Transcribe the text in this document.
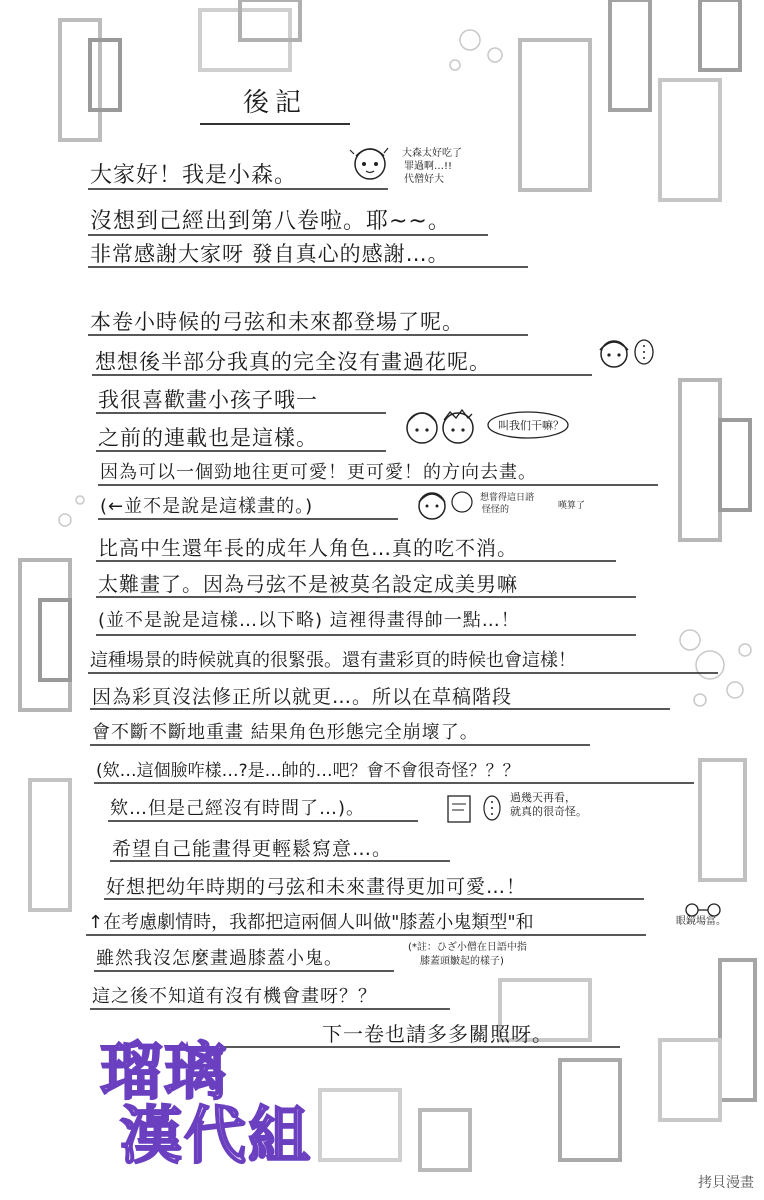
後記
大家好！我是小森。
沒想到己經出到第八卷啦。耶~~。
非常感謝大家呀 發自真心的感謝…。
本卷小時候的弓弦和未來都登場了呢。
想想後半部分我真的完全沒有畫過花呢。
我很喜歡畫小孩子哦一
之前的連載也是這樣。
因為可以一個勁地往更可愛！更可愛！的方向去畫。
(←並不是說是這樣畫的。)
比高中生還年長的成年人角色…真的吃不消。
太難畫了。因為弓弦不是被莫名設定成美男嘛
(並不是說是這樣…以下略) 這裡得畫得帥一點…！
這種場景的時候就真的很緊張。還有畫彩頁的時候也會這樣！
因為彩頁沒法修正所以就更…。所以在草稿階段
會不斷不斷地重畫 結果角色形態完全崩壞了。
(欸…這個臉咋樣…?是…帥的…吧？會不會很奇怪？？？
欸…但是己經沒有時間了…)。
希望自己能畫得更輕鬆寫意…。
好想把幼年時期的弓弦和未來畫得更加可愛…！
↑在考慮劇情時，我都把這兩個人叫做"膝蓋小鬼類型"和
雖然我沒怎麼畫過膝蓋小鬼。
這之後不知道有沒有機會畫呀？？
下一卷也請多多關照呀。
大森太好吃了
罪過啊…!!
代僧好大
叫我们干嘛？
想嘗得這日諮
怪怪的	嘆算了
過幾天再看，
就真的很奇怪。
眼鏡場當。
(*註：ひざ小僧在日語中指
膝蓋頭皺起的樣子)
瑠璃
漢代組
拷貝漫畫
